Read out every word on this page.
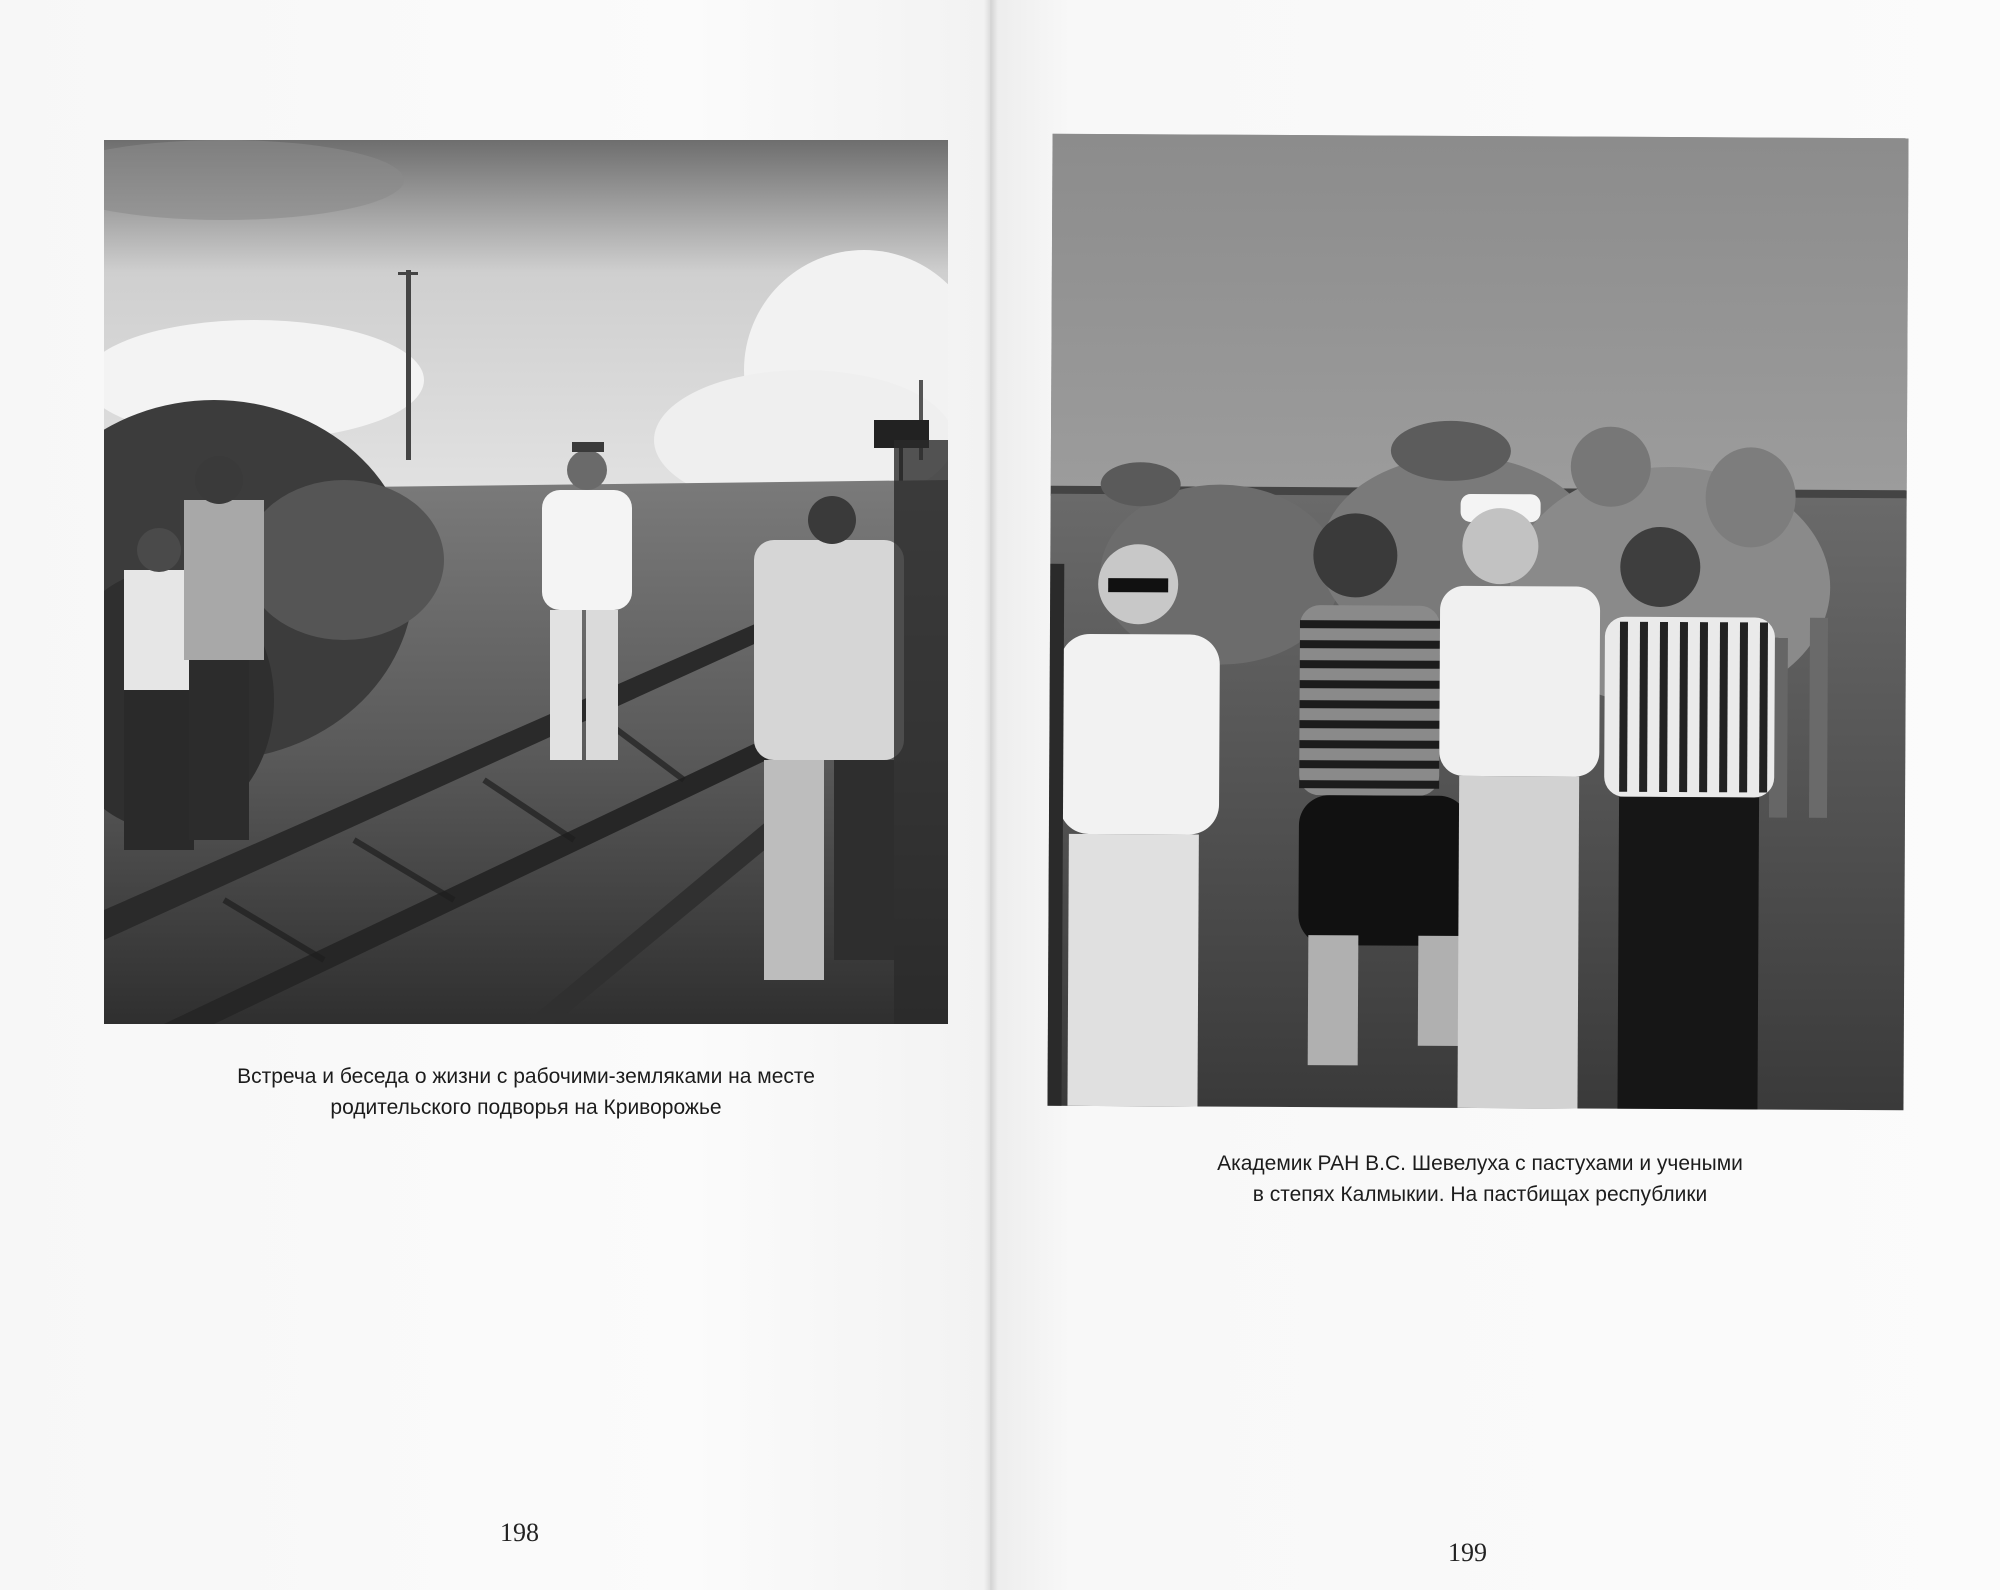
Встреча и беседа о жизни с рабочими-земляками на месте
родительского подворья на Криворожье
Академик РАН В.С. Шевелуха с пастухами и учеными
в степях Калмыкии. На пастбищах республики
198
199
